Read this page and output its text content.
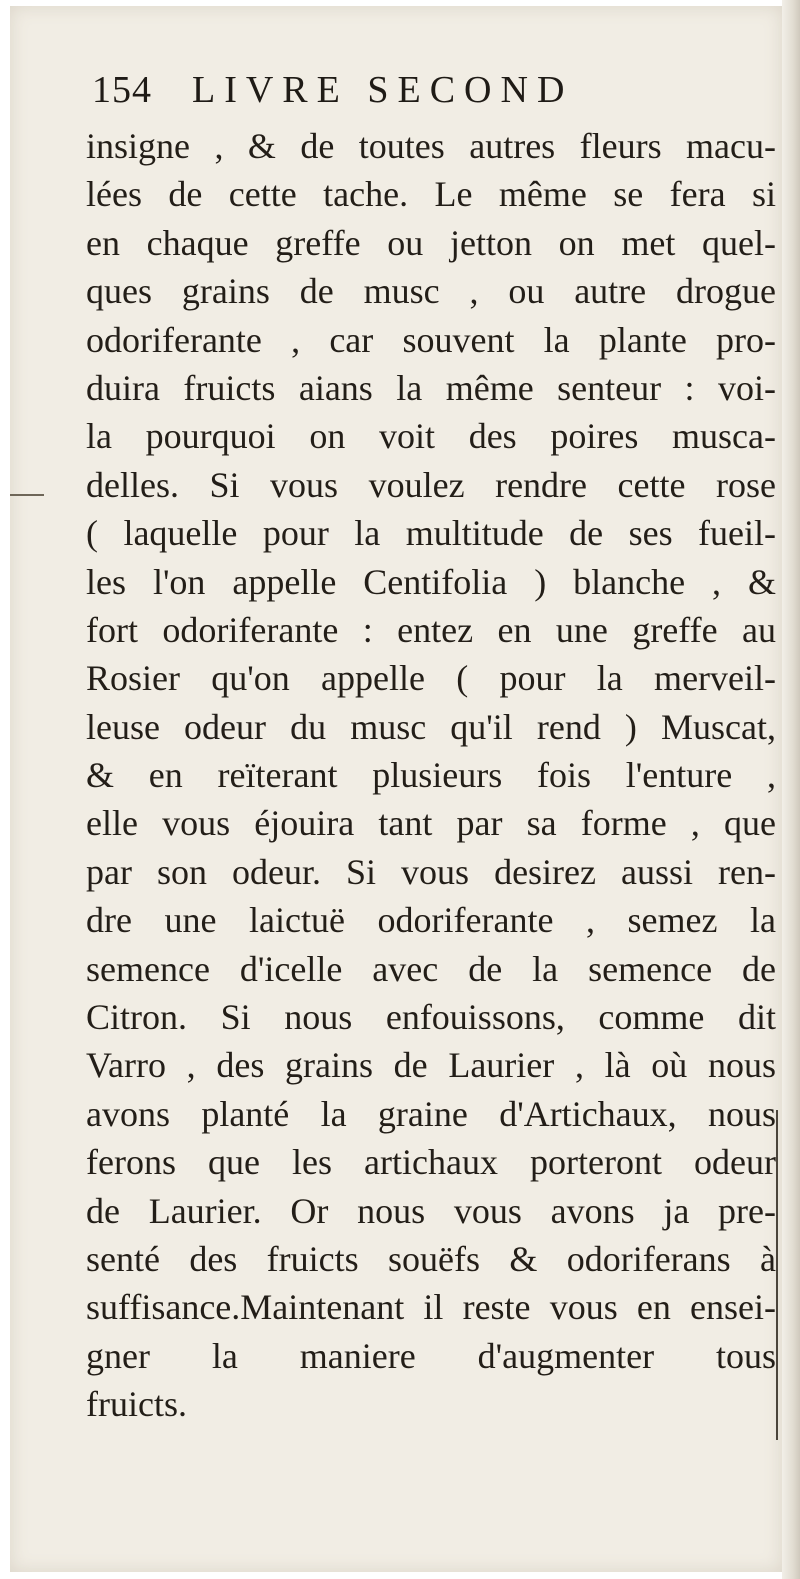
154 LIVRE SECOND
insigne , & de toutes autres fleurs macu-
lées de cette tache. Le même se fera si
en chaque greffe ou jetton on met quel-
ques grains de musc , ou autre drogue
odoriferante , car souvent la plante pro-
duira fruicts aians la même senteur : voi-
la pourquoi on voit des poires musca-
delles. Si vous voulez rendre cette rose
( laquelle pour la multitude de ses fueil-
les l'on appelle Centifolia ) blanche , &
fort odoriferante : entez en une greffe au
Rosier qu'on appelle ( pour la merveil-
leuse odeur du musc qu'il rend ) Muscat,
& en reïterant plusieurs fois l'enture ,
elle vous éjouira tant par sa forme , que
par son odeur. Si vous desirez aussi ren-
dre une laictuë odoriferante , semez la
semence d'icelle avec de la semence de
Citron. Si nous enfouissons, comme dit
Varro , des grains de Laurier , là où nous
avons planté la graine d'Artichaux, nous
ferons que les artichaux porteront odeur
de Laurier. Or nous vous avons ja pre-
senté des fruicts souëfs & odoriferans à
suffisance.Maintenant il reste vous en ensei-
gner la maniere d'augmenter tous
fruicts.
